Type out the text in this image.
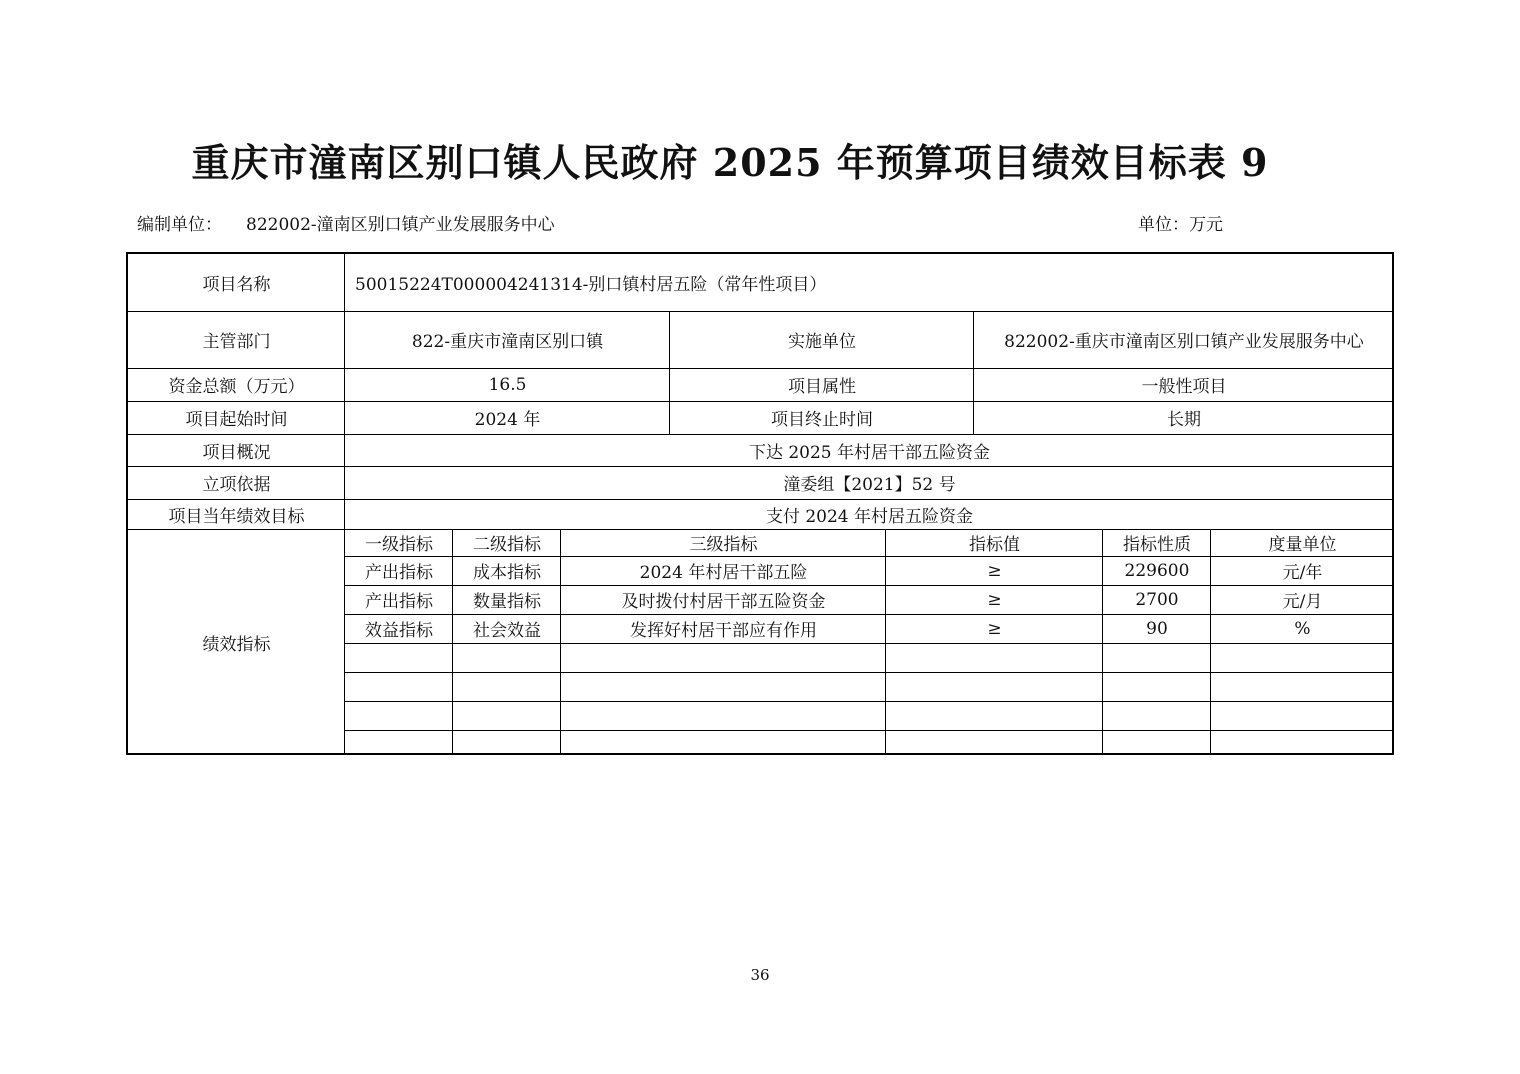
重庆市潼南区别口镇人民政府 2025 年预算项目绩效目标表 9
编制单位： 822002-潼南区别口镇产业发展服务中心	单位：万元
项目名称	50015224T000004241314-别口镇村居五险（常年性项目）
主管部门	822-重庆市潼南区别口镇	实施单位	822002-重庆市潼南区别口镇产业发展服务中心
资金总额（万元）	16.5	项目属性	一般性项目
项目起始时间	2024 年	项目终止时间	长期
项目概况	下达 2025 年村居干部五险资金
立项依据	潼委组【2021】52 号
项目当年绩效目标	支付 2024 年村居五险资金
绩效指标
一级指标	二级指标	三级指标	指标值	指标性质	度量单位
产出指标	成本指标	2024 年村居干部五险	≥	229600	元/年
产出指标	数量指标	及时拨付村居干部五险资金	≥	2700	元/月
效益指标	社会效益	发挥好村居干部应有作用	≥	90	%
36
